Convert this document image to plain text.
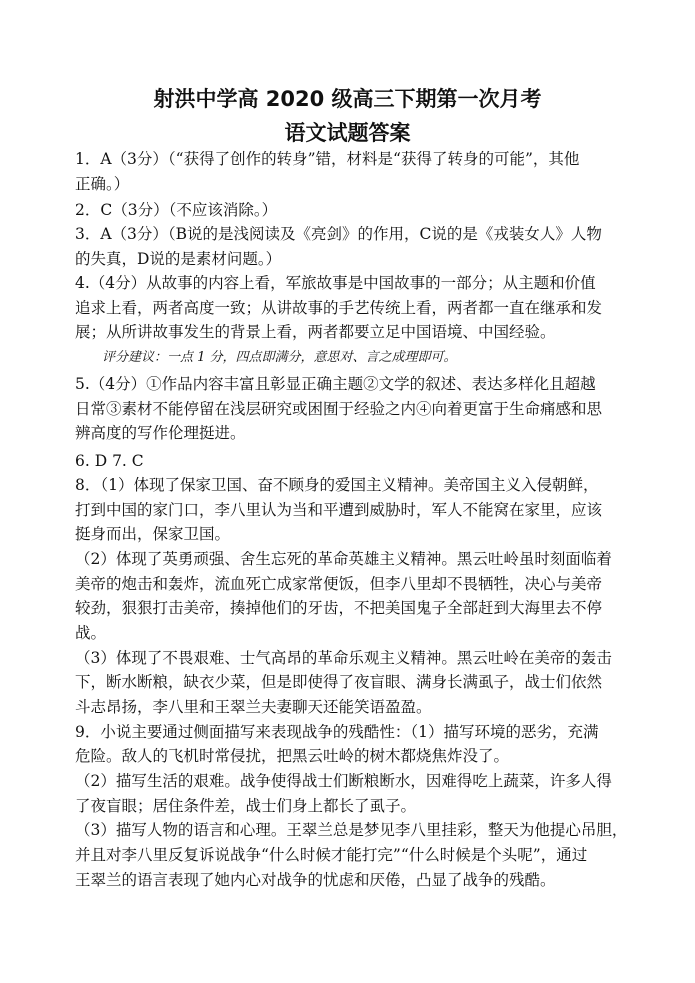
射洪中学高 2020 级高三下期第一次月考
语文试题答案
1．A（3分）（“获得了创作的转身”错，材料是“获得了转身的可能”，其他
正确。）
2．C（3分）（不应该消除。）
3．A（3分）（B说的是浅阅读及《亮剑》的作用，C说的是《戎装女人》人物
的失真，D说的是素材问题。）
4.（4分）从故事的内容上看，军旅故事是中国故事的一部分；从主题和价值
追求上看，两者高度一致；从讲故事的手艺传统上看，两者都一直在继承和发
展；从所讲故事发生的背景上看，两者都要立足中国语境、中国经验。
评分建议：一点 1 分，四点即满分，意思对、言之成理即可。
5.（4分）①作品内容丰富且彰显正确主题②文学的叙述、表达多样化且超越
日常③素材不能停留在浅层研究或困囿于经验之内④向着更富于生命痛感和思
辨高度的写作伦理挺进。
6. D 7. C
8．（1）体现了保家卫国、奋不顾身的爱国主义精神。美帝国主义入侵朝鲜，
打到中国的家门口，李八里认为当和平遭到威胁时，军人不能窝在家里，应该
挺身而出，保家卫国。
（2）体现了英勇顽强、舍生忘死的革命英雄主义精神。黑云吐岭虽时刻面临着
美帝的炮击和轰炸，流血死亡成家常便饭，但李八里却不畏牺牲，决心与美帝
较劲，狠狠打击美帝，揍掉他们的牙齿，不把美国鬼子全部赶到大海里去不停
战。
（3）体现了不畏艰难、士气高昂的革命乐观主义精神。黑云吐岭在美帝的轰击
下，断水断粮，缺衣少菜，但是即使得了夜盲眼、满身长满虱子，战士们依然
斗志昂扬，李八里和王翠兰夫妻聊天还能笑语盈盈。
9．小说主要通过侧面描写来表现战争的残酷性：（1）描写环境的恶劣，充满
危险。敌人的飞机时常侵扰，把黑云吐岭的树木都烧焦炸没了。
（2）描写生活的艰难。战争使得战士们断粮断水，因难得吃上蔬菜，许多人得
了夜盲眼；居住条件差，战士们身上都长了虱子。
（3）描写人物的语言和心理。王翠兰总是梦见李八里挂彩，整天为他提心吊胆，
并且对李八里反复诉说战争“什么时候才能打完”“什么时候是个头呢”，通过
王翠兰的语言表现了她内心对战争的忧虑和厌倦，凸显了战争的残酷。
